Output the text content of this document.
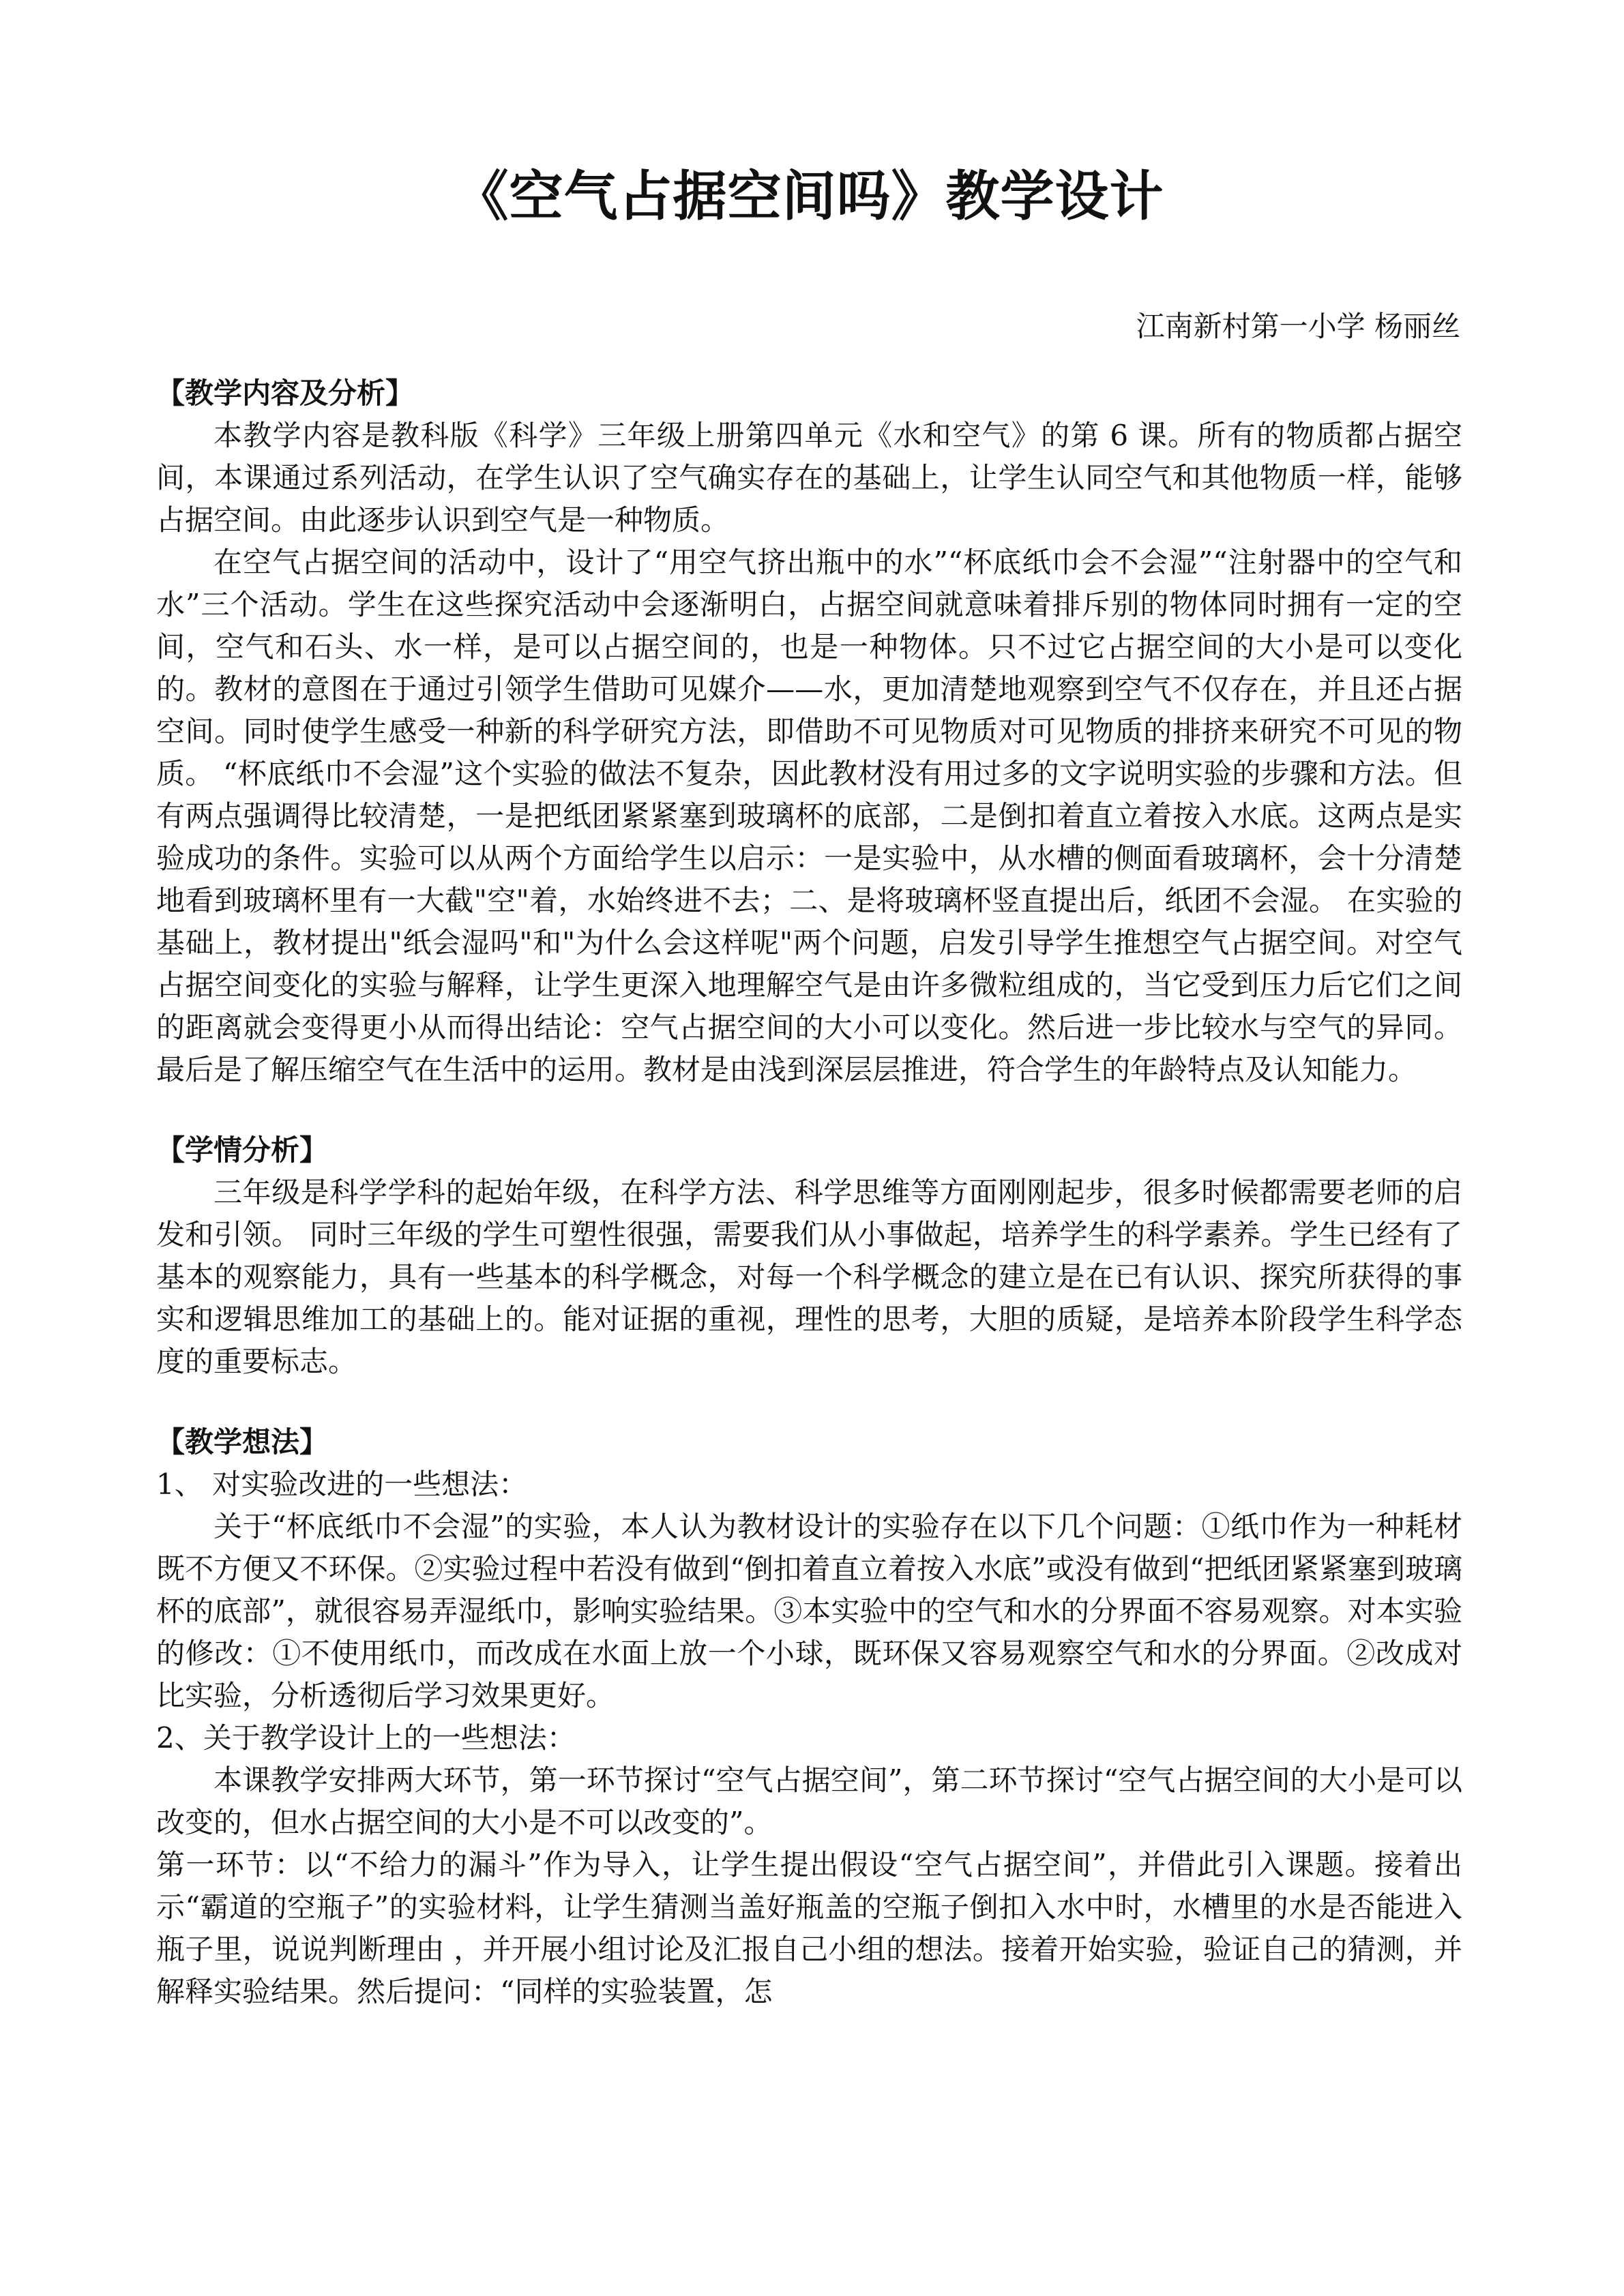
《空气占据空间吗》教学设计
江南新村第一小学 杨丽丝
【教学内容及分析】

本教学内容是教科版《科学》三年级上册第四单元《水和空气》的第 6 课。所有的物质都占据空间，本课通过系列活动，在学生认识了空气确实存在的基础上，让学生认同空气和其他物质一样，能够占据空间。由此逐步认识到空气是一种物质。

在空气占据空间的活动中，设计了“用空气挤出瓶中的水”“杯底纸巾会不会湿”“注射器中的空气和水”三个活动。学生在这些探究活动中会逐渐明白，占据空间就意味着排斥别的物体同时拥有一定的空间，空气和石头、水一样，是可以占据空间的，也是一种物体。只不过它占据空间的大小是可以变化的。教材的意图在于通过引领学生借助可见媒介——水，更加清楚地观察到空气不仅存在，并且还占据空间。同时使学生感受一种新的科学研究方法，即借助不可见物质对可见物质的排挤来研究不可见的物质。 “杯底纸巾不会湿”这个实验的做法不复杂，因此教材没有用过多的文字说明实验的步骤和方法。但有两点强调得比较清楚，一是把纸团紧紧塞到玻璃杯的底部，二是倒扣着直立着按入水底。这两点是实验成功的条件。实验可以从两个方面给学生以启示：一是实验中，从水槽的侧面看玻璃杯，会十分清楚地看到玻璃杯里有一大截"空"着，水始终进不去；二、是将玻璃杯竖直提出后，纸团不会湿。 在实验的基础上，教材提出"纸会湿吗"和"为什么会这样呢"两个问题，启发引导学生推想空气占据空间。对空气占据空间变化的实验与解释，让学生更深入地理解空气是由许多微粒组成的，当它受到压力后它们之间的距离就会变得更小从而得出结论：空气占据空间的大小可以变化。然后进一步比较水与空气的异同。最后是了解压缩空气在生活中的运用。教材是由浅到深层层推进，符合学生的年龄特点及认知能力。

【学情分析】

三年级是科学学科的起始年级，在科学方法、科学思维等方面刚刚起步，很多时候都需要老师的启发和引领。 同时三年级的学生可塑性很强，需要我们从小事做起，培养学生的科学素养。学生已经有了基本的观察能力，具有一些基本的科学概念，对每一个科学概念的建立是在已有认识、探究所获得的事实和逻辑思维加工的基础上的。能对证据的重视，理性的思考，大胆的质疑，是培养本阶段学生科学态度的重要标志。

【教学想法】

1、 对实验改进的一些想法：

关于“杯底纸巾不会湿”的实验，本人认为教材设计的实验存在以下几个问题：①纸巾作为一种耗材既不方便又不环保。②实验过程中若没有做到“倒扣着直立着按入水底”或没有做到“把纸团紧紧塞到玻璃杯的底部”，就很容易弄湿纸巾，影响实验结果。③本实验中的空气和水的分界面不容易观察。对本实验的修改：①不使用纸巾，而改成在水面上放一个小球，既环保又容易观察空气和水的分界面。②改成对比实验，分析透彻后学习效果更好。

2、关于教学设计上的一些想法：

本课教学安排两大环节，第一环节探讨“空气占据空间”，第二环节探讨“空气占据空间的大小是可以改变的，但水占据空间的大小是不可以改变的”。

第一环节：以“不给力的漏斗”作为导入，让学生提出假设“空气占据空间”，并借此引入课题。接着出示“霸道的空瓶子”的实验材料，让学生猜测当盖好瓶盖的空瓶子倒扣入水中时，水槽里的水是否能进入瓶子里，说说判断理由 ，并开展小组讨论及汇报自己小组的想法。接着开始实验，验证自己的猜测，并解释实验结果。然后提问：“同样的实验装置，怎
